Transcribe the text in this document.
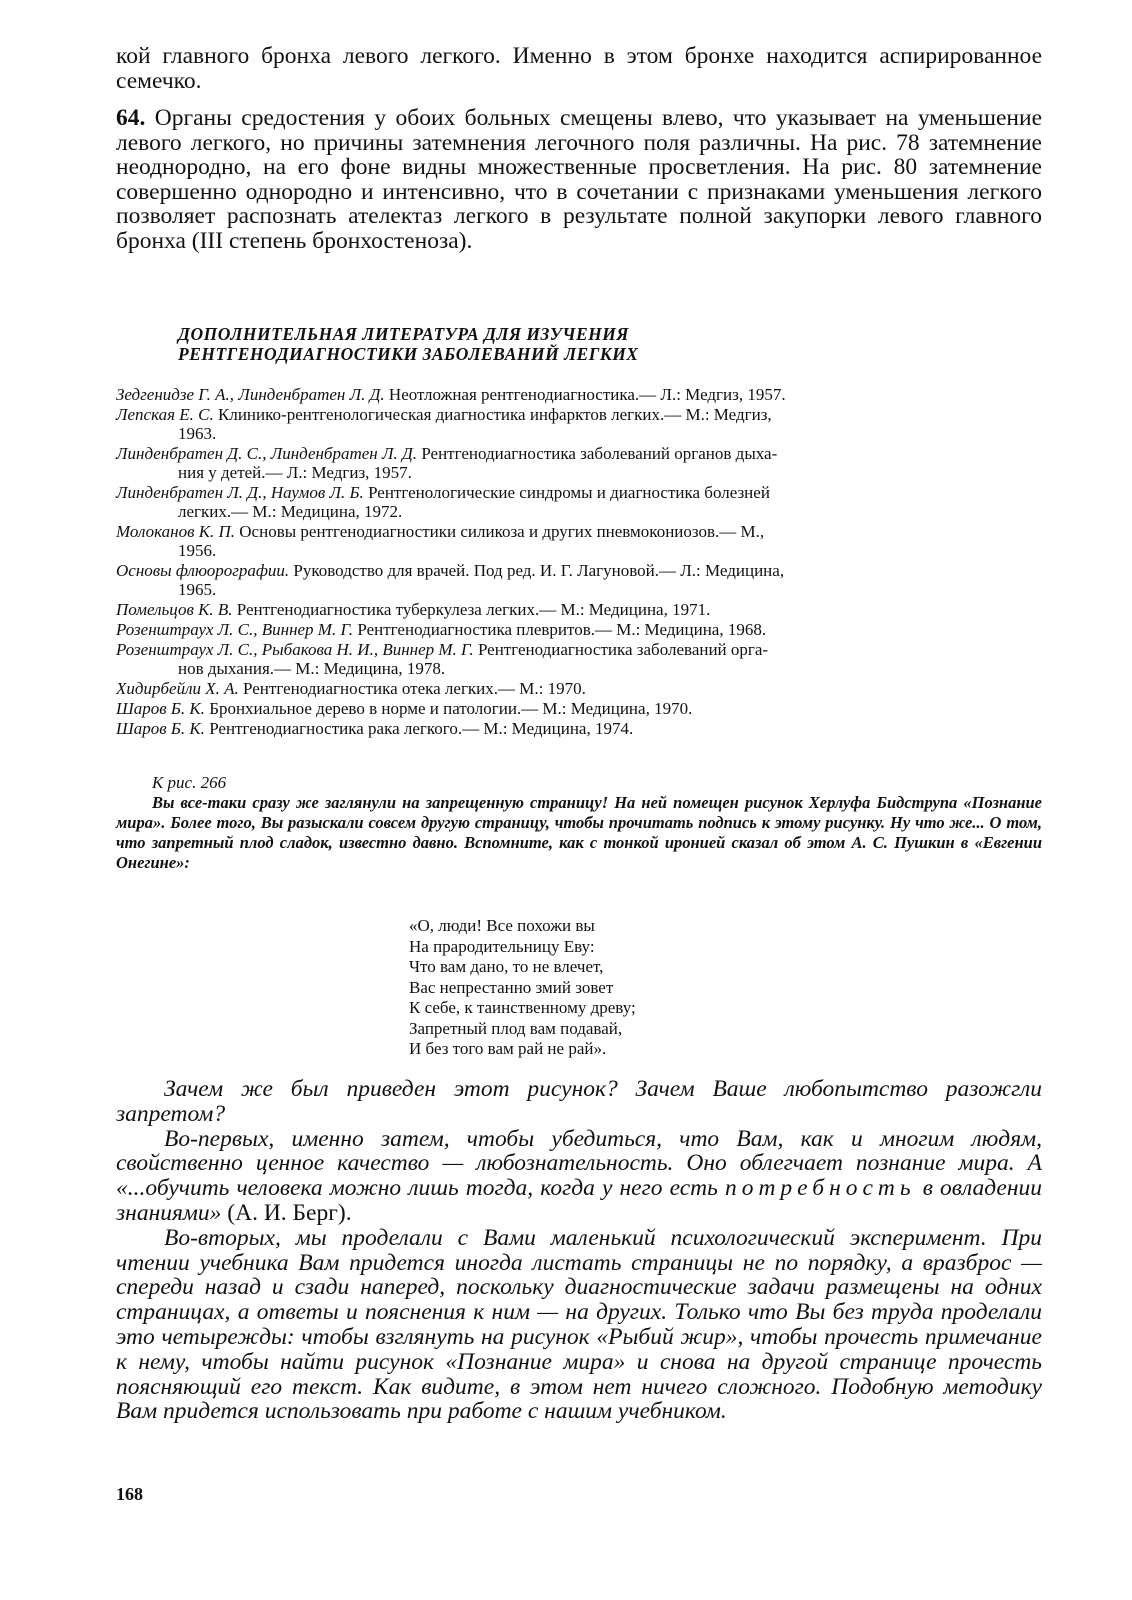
кой главного бронха левого легкого. Именно в этом бронхе находится аспирированное семечко.

64. Органы средостения у обоих больных смещены влево, что указывает на уменьшение левого легкого, но причины затемнения легочного поля различны. На рис. 78 затемнение неоднородно, на его фоне видны множественные просветления. На рис. 80 затемнение совершенно однородно и интенсивно, что в сочетании с признаками уменьшения легкого позволяет распознать ателектаз легкого в результате полной закупорки левого главного бронха (III степень бронхостеноза).

ДОПОЛНИТЕЛЬНАЯ ЛИТЕРАТУРА ДЛЯ ИЗУЧЕНИЯ

РЕНТГЕНОДИАГНОСТИКИ ЗАБОЛЕВАНИЙ ЛЕГКИХ

Зедгенидзе Г. А., Линденбратен Л. Д. Неотложная рентгенодиагностика.— Л.: Медгиз, 1957.
Лепская Е. С. Клинико-рентгенологическая диагностика инфарктов легких.— М.: Медгиз,
1963.
Линденбратен Д. С., Линденбратен Л. Д. Рентгенодиагностика заболеваний органов дыха-
ния у детей.— Л.: Медгиз, 1957.
Линденбратен Л. Д., Наумов Л. Б. Рентгенологические синдромы и диагностика болезней
легких.— М.: Медицина, 1972.
Молоканов К. П. Основы рентгенодиагностики силикоза и других пневмокониозов.— М.,
1956.
Основы флюорографии. Руководство для врачей. Под ред. И. Г. Лагуновой.— Л.: Медицина,
1965.
Помельцов К. В. Рентгенодиагностика туберкулеза легких.— М.: Медицина, 1971.
Розенштраух Л. С., Виннер М. Г. Рентгенодиагностика плевритов.— М.: Медицина, 1968.
Розенштраух Л. С., Рыбакова Н. И., Виннер М. Г. Рентгенодиагностика заболеваний орга-
нов дыхания.— М.: Медицина, 1978.
Хидирбейли Х. А. Рентгенодиагностика отека легких.— М.: 1970.
Шаров Б. К. Бронхиальное дерево в норме и патологии.— М.: Медицина, 1970.
Шаров Б. К. Рентгенодиагностика рака легкого.— М.: Медицина, 1974.

К рис. 266

Вы все-таки сразу же заглянули на запрещенную страницу! На ней помещен рисунок Херлуфа Бидструпа «Познание мира». Более того, Вы разыскали совсем другую страницу, чтобы прочитать подпись к этому рисунку. Ну что же... О том, что запретный плод сладок, известно давно. Вспомните, как с тонкой иронией сказал об этом А. С. Пушкин в «Евгении Онегине»:

«О, люди! Все похожи вы
На прародительницу Еву:
Что вам дано, то не влечет,
Вас непрестанно змий зовет
К себе, к таинственному древу;
Запретный плод вам подавай,
И без того вам рай не рай».

Зачем же был приведен этот рисунок? Зачем Ваше любопытство разожгли запретом?

Во-первых, именно затем, чтобы убедиться, что Вам, как и многим людям, свойственно ценное качество — любознательность. Оно облегчает познание мира. А «...обучить человека можно лишь тогда, когда у него есть потребность в овладении знаниями» (А. И. Берг).

Во-вторых, мы проделали с Вами маленький психологический эксперимент. При чтении учебника Вам придется иногда листать страницы не по порядку, а вразброс — спереди назад и сзади наперед, поскольку диагностические задачи размещены на одних страницах, а ответы и пояснения к ним — на других. Только что Вы без труда проделали это четырежды: чтобы взглянуть на рисунок «Рыбий жир», чтобы прочесть примечание к нему, чтобы найти рисунок «Познание мира» и снова на другой странице прочесть поясняющий его текст. Как видите, в этом нет ничего сложного. Подобную методику Вам придется использовать при работе с нашим учебником.

168
